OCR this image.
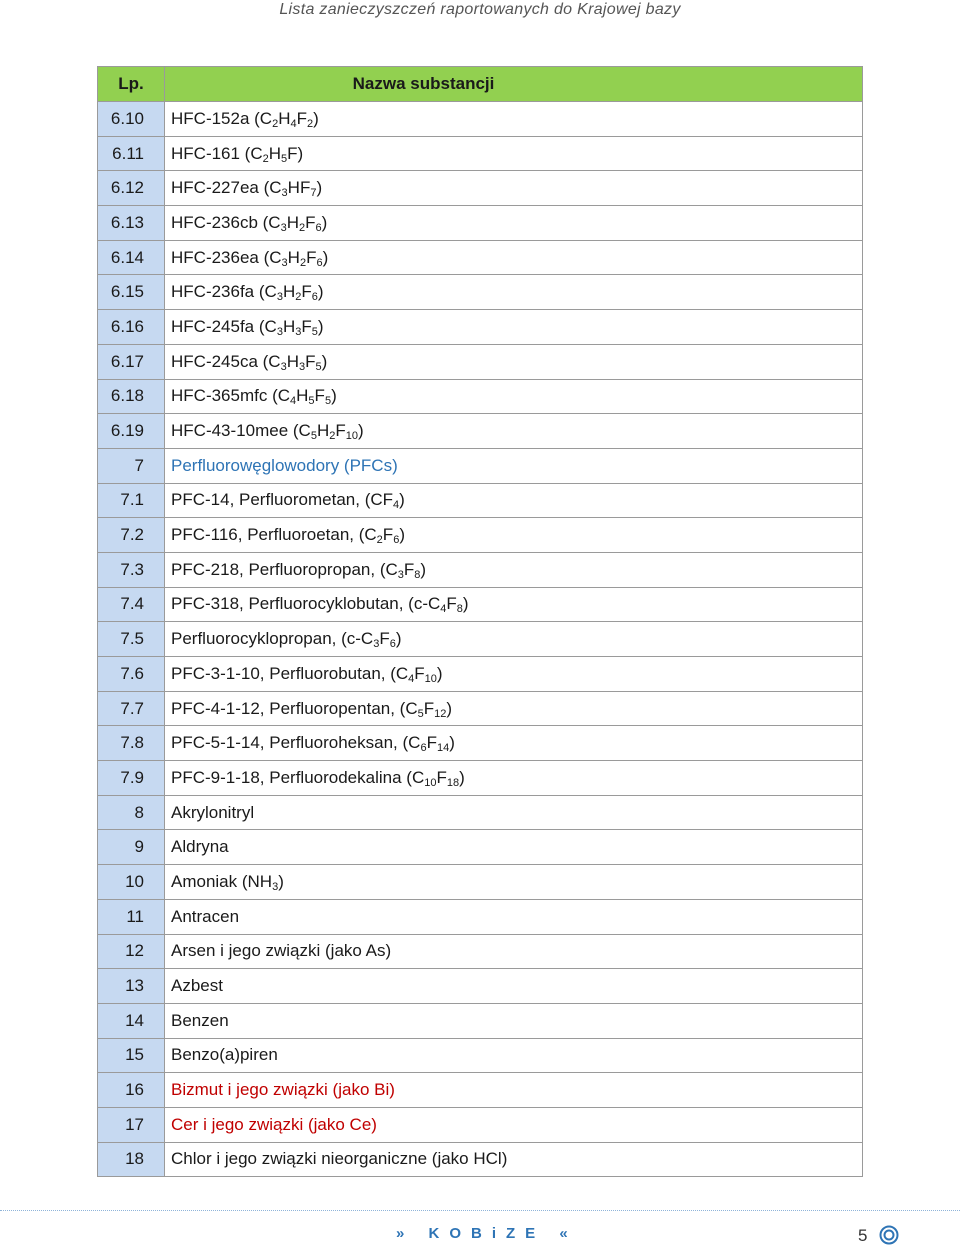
Lista zanieczyszczeń raportowanych do Krajowej bazy
Lp.	Nazwa substancji
6.10	HFC-152a $(C_2H_4F_2)$
6.11	HFC-161 $(C_2H_5F)$
6.12	HFC-227ea $(C_3HF_7)$
6.13	HFC-236cb $(C_3H_2F_6)$
6.14	HFC-236ea $(C_3H_2F_6)$
6.15	HFC-236fa $(C_3H_2F_6)$
6.16	HFC-245fa $(C_3H_3F_5)$
6.17	HFC-245ca $(C_3H_3F_5)$
6.18	HFC-365mfc $(C_4H_5F_5)$
6.19	HFC-43-10mee $(C_5H_2F_{10})$
7	Perfluorowęglowodory (PFCs)
7.1	PFC-14, Perfluorometan, $(CF_4)$
7.2	PFC-116, Perfluoroetan, $(C_2F_6)$
7.3	PFC-218, Perfluoropropan, $(C_3F_8)$
7.4	PFC-318, Perfluorocyklobutan, $(c-C_4F_8)$
7.5	Perfluorocyklopropan, $(c-C_3F_6)$
7.6	PFC-3-1-10, Perfluorobutan, $(C_4F_{10})$
7.7	PFC-4-1-12, Perfluoropentan, $(C_5F_{12})$
7.8	PFC-5-1-14, Perfluoroheksan, $(C_6F_{14})$
7.9	PFC-9-1-18, Perfluorodekalina $(C_{10}F_{18})$
8	Akrylonitryl
9	Aldryna
10	Amoniak $(NH_3)$
11	Antracen
12	Arsen i jego związki (jako As)
13	Azbest
14	Benzen
15	Benzo(a)piren
16	Bizmut i jego związki (jako Bi)
17	Cer i jego związki (jako Ce)
18	Chlor i jego związki nieorganiczne (jako HCl)
» KOBiZE «	5
